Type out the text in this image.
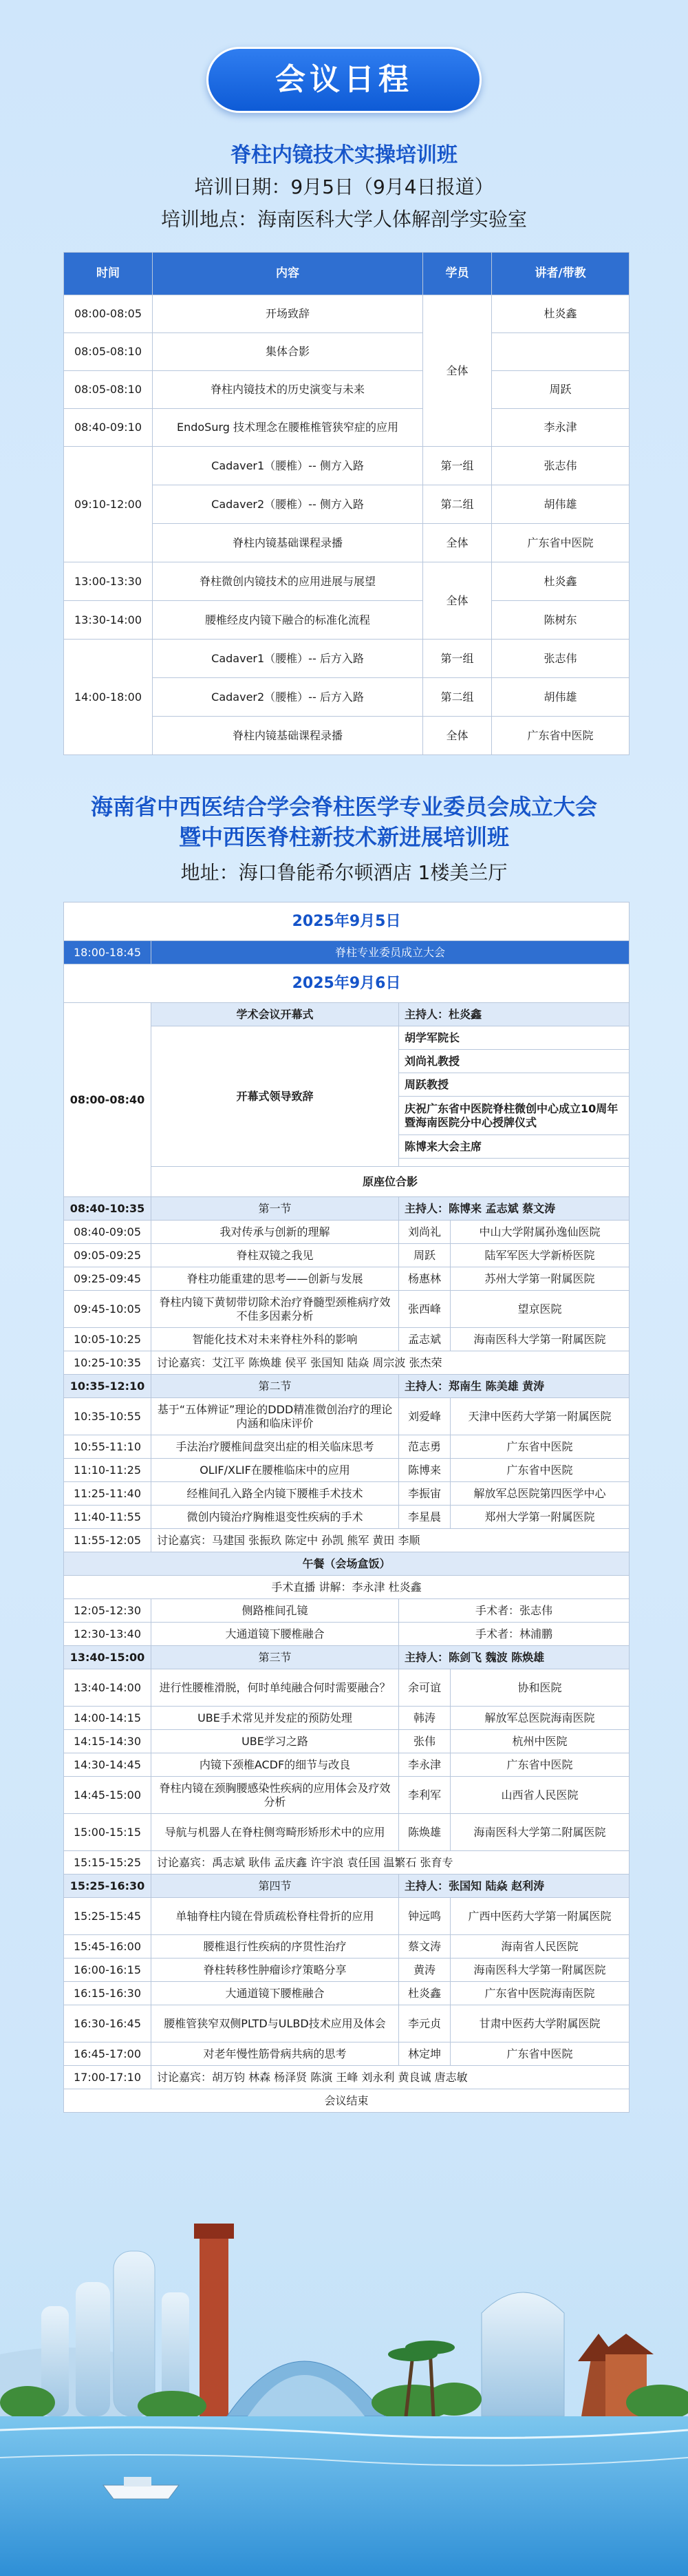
会议日程
脊柱内镜技术实操培训班
培训日期：9月5日（9月4日报道）
培训地点：海南医科大学人体解剖学实验室
时间	内容	学员	讲者/带教
08:00-08:05	开场致辞	全体	杜炎鑫
08:05-08:10	集体合影		
08:05-08:10	脊柱内镜技术的历史演变与未来		周跃
08:40-09:10	EndoSurg 技术理念在腰椎椎管狭窄症的应用		李永津
09:10-12:00	Cadaver1（腰椎）-- 侧方入路	第一组	张志伟
	Cadaver2（腰椎）-- 侧方入路	第二组	胡伟雄
	脊柱内镜基础课程录播	全体	广东省中医院
13:00-13:30	脊柱微创内镜技术的应用进展与展望	全体	杜炎鑫
13:30-14:00	腰椎经皮内镜下融合的标准化流程		陈树东
14:00-18:00	Cadaver1（腰椎）-- 后方入路	第一组	张志伟
	Cadaver2（腰椎）-- 后方入路	第二组	胡伟雄
	脊柱内镜基础课程录播	全体	广东省中医院
海南省中西医结合学会脊柱医学专业委员会成立大会
暨中西医脊柱新技术新进展培训班
地址：海口鲁能希尔顿酒店 1楼美兰厅
2025年9月5日			
18:00-18:45	脊柱专业委员成立大会		
2025年9月6日			
08:00-08:40	学术会议开幕式	主持人：杜炎鑫	
	开幕式领导致辞	胡学军院长	
		刘尚礼教授	
		周跃教授	
		庆祝广东省中医院脊柱微创中心成立10周年暨海南医院分中心授牌仪式	
		陈博来大会主席	

	原座位合影		
08:40-10:35	第一节	主持人：陈博来 孟志斌 蔡文涛	
08:40-09:05	我对传承与创新的理解	刘尚礼	中山大学附属孙逸仙医院
09:05-09:25	脊柱双镜之我见	周跃	陆军军医大学新桥医院
09:25-09:45	脊柱功能重建的思考——创新与发展	杨惠林	苏州大学第一附属医院
09:45-10:05	脊柱内镜下黄韧带切除术治疗脊髓型颈椎病疗效不佳多因素分析	张西峰	望京医院
10:05-10:25	智能化技术对未来脊柱外科的影响	孟志斌	海南医科大学第一附属医院
10:25-10:35	讨论嘉宾：艾江平 陈焕雄 侯平 张国知 陆焱 周宗波 张杰荣		
10:35-12:10	第二节	主持人：郑南生 陈美雄 黄涛	
10:35-10:55	基于“五体辨证”理论的DDD精准微创治疗的理论内涵和临床评价	刘爱峰	天津中医药大学第一附属医院
10:55-11:10	手法治疗腰椎间盘突出症的相关临床思考	范志勇	广东省中医院
11:10-11:25	OLIF/XLIF在腰椎临床中的应用	陈博来	广东省中医院
11:25-11:40	经椎间孔入路全内镜下腰椎手术技术	李振宙	解放军总医院第四医学中心
11:40-11:55	微创内镜治疗胸椎退变性疾病的手术	李星晨	郑州大学第一附属医院
11:55-12:05	讨论嘉宾：马建国 张振玖 陈定中 孙凯 熊军 黄田 李顺		
午餐（会场盒饭）			
手术直播 讲解：李永津 杜炎鑫			
12:05-12:30	侧路椎间孔镜	手术者：张志伟	
12:30-13:40	大通道镜下腰椎融合	手术者：林浦鹏	
13:40-15:00	第三节	主持人：陈剑飞 魏波 陈焕雄	
13:40-14:00	进行性腰椎滑脱，何时单纯融合何时需要融合？	余可谊	协和医院
14:00-14:15	UBE手术常见并发症的预防处理	韩涛	解放军总医院海南医院
14:15-14:30	UBE学习之路	张伟	杭州中医院
14:30-14:45	内镜下颈椎ACDF的细节与改良	李永津	广东省中医院
14:45-15:00	脊柱内镜在颈胸腰感染性疾病的应用体会及疗效分析	李利军	山西省人民医院
15:00-15:15	导航与机器人在脊柱侧弯畸形矫形术中的应用	陈焕雄	海南医科大学第二附属医院
15:15-15:25	讨论嘉宾：禹志斌 耿伟 孟庆鑫 许宇浪 袁任国 温繁石 张育专		
15:25-16:30	第四节	主持人：张国知 陆焱 赵利涛	
15:25-15:45	单轴脊柱内镜在骨质疏松脊柱骨折的应用	钟远鸣	广西中医药大学第一附属医院
15:45-16:00	腰椎退行性疾病的序贯性治疗	蔡文涛	海南省人民医院
16:00-16:15	脊柱转移性肿瘤诊疗策略分享	黄涛	海南医科大学第一附属医院
16:15-16:30	大通道镜下腰椎融合	杜炎鑫	广东省中医院海南医院
16:30-16:45	腰椎管狭窄双侧PLTD与ULBD技术应用及体会	李元贞	甘肃中医药大学附属医院
16:45-17:00	对老年慢性筋骨病共病的思考	林定坤	广东省中医院
17:00-17:10	讨论嘉宾：胡万钧 林森 杨泽贤 陈演 王峰 刘永利 黄良诚 唐志敏		
会议结束			
